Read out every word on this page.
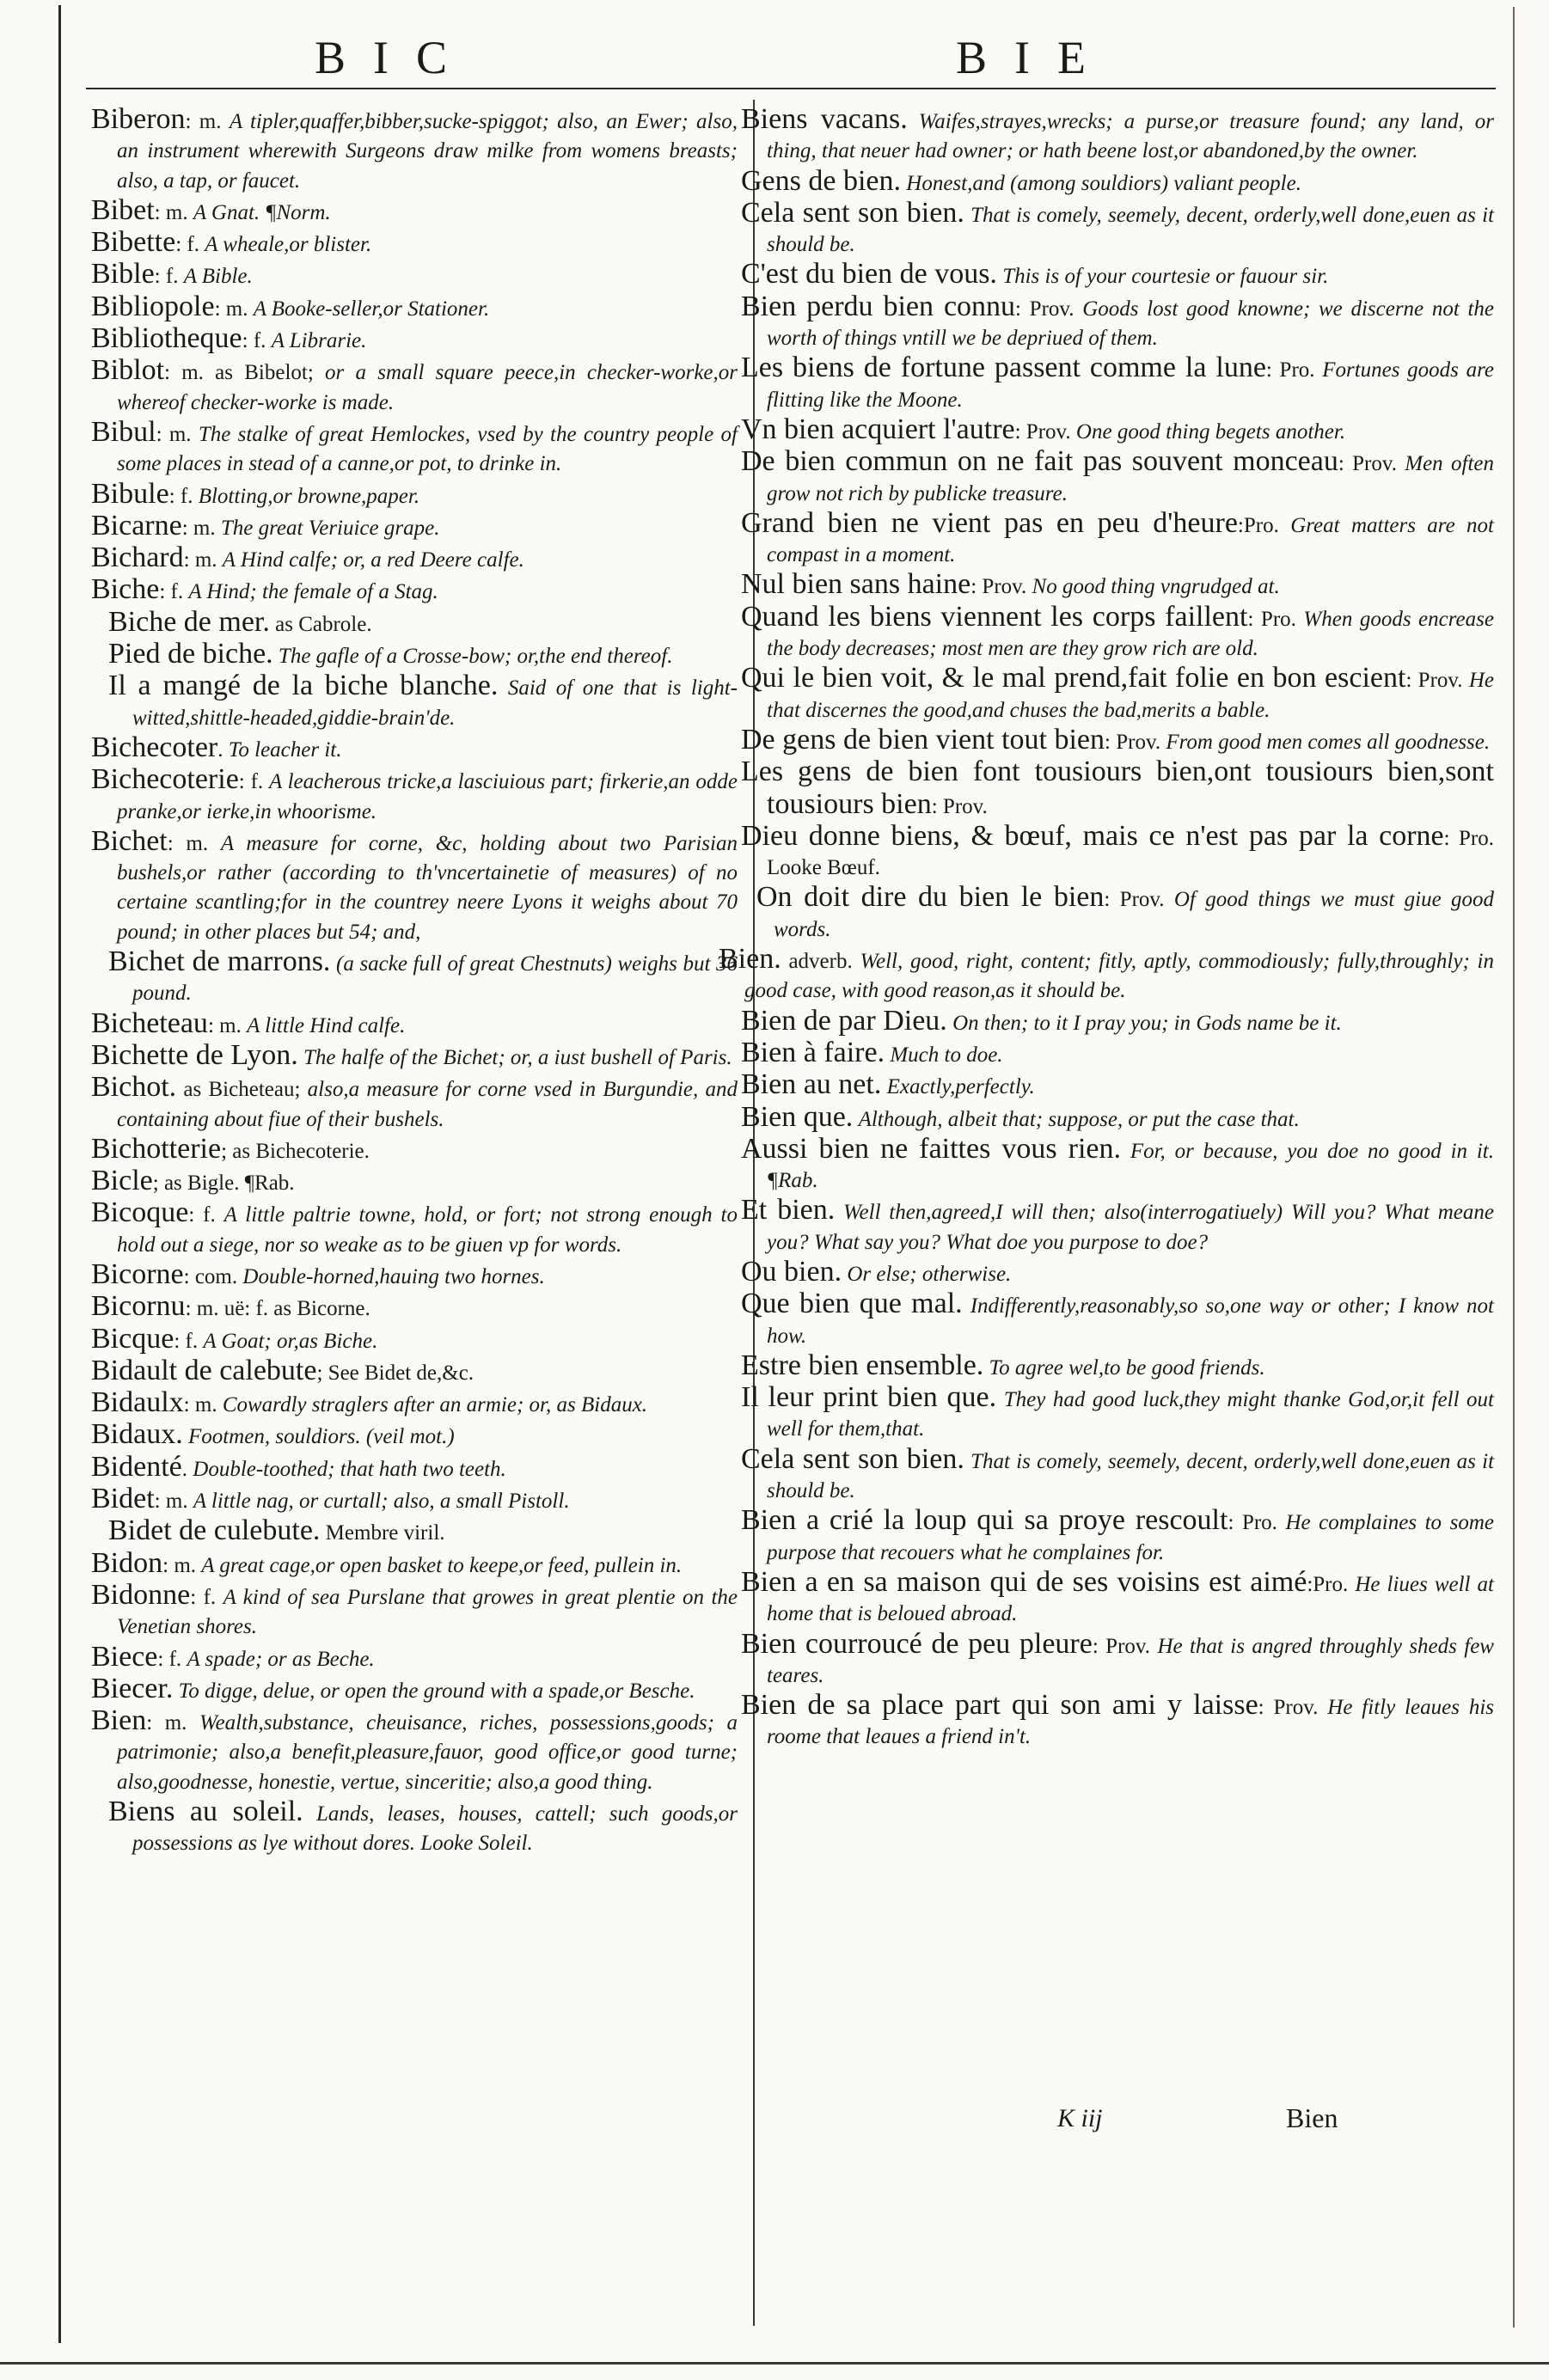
BIC	BIE
Biberon: m. A tipler,quaffer,bibber,sucke-spiggot; also, an Ewer; also, an instrument wherewith Surgeons draw milke from womens breasts; also, a tap, or faucet.
Bibet: m. A Gnat. ¶Norm.
Bibette: f. A wheale,or blister.
Bible: f. A Bible.
Bibliopole: m. A Booke-seller,or Stationer.
Bibliotheque: f. A Librarie.
Biblot: m. as Bibelot; or a small square peece,in checker-worke,or whereof checker-worke is made.
Bibul: m. The stalke of great Hemlockes, vsed by the country people of some places in stead of a canne,or pot, to drinke in.
Bibule: f. Blotting,or browne,paper.
Bicarne: m. The great Veriuice grape.
Bichard: m. A Hind calfe; or, a red Deere calfe.
Biche: f. A Hind; the female of a Stag.
Biche de mer. as Cabrole.
Pied de biche. The gafle of a Crosse-bow; or,the end thereof.
Il a mangé de la biche blanche. Said of one that is light-witted,shittle-headed,giddie-brain'de.
Bichecoter. To leacher it.
Bichecoterie: f. A leacherous tricke,a lasciuious part; firkerie,an odde pranke,or ierke,in whoorisme.
Bichet: m. A measure for corne, &c, holding about two Parisian bushels,or rather (according to th'vncertainetie of measures) of no certaine scantling;for in the countrey neere Lyons it weighs about 70 pound; in other places but 54; and,
Bichet de marrons. (a sacke full of great Chestnuts) weighs but 36 pound.
Bicheteau: m. A little Hind calfe.
Bichette de Lyon. The halfe of the Bichet; or, a iust bushell of Paris.
Bichot. as Bicheteau; also,a measure for corne vsed in Burgundie, and containing about fiue of their bushels.
Bichotterie; as Bichecoterie.
Bicle; as Bigle. ¶Rab.
Bicoque: f. A little paltrie towne, hold, or fort; not strong enough to hold out a siege, nor so weake as to be giuen vp for words.
Bicorne: com. Double-horned,hauing two hornes.
Bicornu: m. uë: f. as Bicorne.
Bicque: f. A Goat; or,as Biche.
Bidault de calebute; See Bidet de,&c.
Bidaulx: m. Cowardly straglers after an armie; or, as Bidaux.
Bidaux. Footmen, souldiors. (veil mot.)
Bidenté. Double-toothed; that hath two teeth.
Bidet: m. A little nag, or curtall; also, a small Pistoll.
Bidet de culebute. Membre viril.
Bidon: m. A great cage,or open basket to keepe,or feed, pullein in.
Bidonne: f. A kind of sea Purslane that growes in great plentie on the Venetian shores.
Biece: f. A spade; or as Beche.
Biecer. To digge, delue, or open the ground with a spade,or Besche.
Bien: m. Wealth,substance, cheuisance, riches, possessions,goods; a patrimonie; also,a benefit,pleasure,fauor, good office,or good turne; also,goodnesse, honestie, vertue, sinceritie; also,a good thing.
Biens au soleil. Lands, leases, houses, cattell; such goods,or possessions as lye without dores. Looke Soleil.
Biens vacans. Waifes,strayes,wrecks; a purse,or treasure found; any land, or thing, that neuer had owner; or hath beene lost,or abandoned,by the owner.
Gens de bien. Honest,and (among souldiors) valiant people.
Cela sent son bien. That is comely, seemely, decent, orderly,well done,euen as it should be.
C'est du bien de vous. This is of your courtesie or fauour sir.
Bien perdu bien connu: Prov. Goods lost good knowne; we discerne not the worth of things vntill we be depriued of them.
Les biens de fortune passent comme la lune: Pro. Fortunes goods are flitting like the Moone.
Vn bien acquiert l'autre: Prov. One good thing begets another.
De bien commun on ne fait pas souvent monceau: Prov. Men often grow not rich by publicke treasure.
Grand bien ne vient pas en peu d'heure:Pro. Great matters are not compast in a moment.
Nul bien sans haine: Prov. No good thing vngrudged at.
Quand les biens viennent les corps faillent: Pro. When goods encrease the body decreases; most men are they grow rich are old.
Qui le bien voit, & le mal prend,fait folie en bon escient: Prov. He that discernes the good,and chuses the bad,merits a bable.
De gens de bien vient tout bien: Prov. From good men comes all goodnesse.
Les gens de bien font tousiours bien,ont tousiours bien,sont tousiours bien: Prov.
Dieu donne biens, & bœuf, mais ce n'est pas par la corne: Pro. Looke Bœuf.
On doit dire du bien le bien: Prov. Of good things we must giue good words.
Bien. adverb. Well, good, right, content; fitly, aptly, commodiously; fully,throughly; in good case, with good reason,as it should be.
Bien de par Dieu. On then; to it I pray you; in Gods name be it.
Bien à faire. Much to doe.
Bien au net. Exactly,perfectly.
Bien que. Although, albeit that; suppose, or put the case that.
Aussi bien ne faittes vous rien. For, or because, you doe no good in it. ¶Rab.
Et bien. Well then,agreed,I will then; also(interrogatiuely) Will you? What meane you? What say you? What doe you purpose to doe?
Ou bien. Or else; otherwise.
Que bien que mal. Indifferently,reasonably,so so,one way or other; I know not how.
Estre bien ensemble. To agree wel,to be good friends.
Il leur print bien que. They had good luck,they might thanke God,or,it fell out well for them,that.
Cela sent son bien. That is comely, seemely, decent, orderly,well done,euen as it should be.
Bien a crié la loup qui sa proye rescoult: Pro. He complaines to some purpose that recouers what he complaines for.
Bien a en sa maison qui de ses voisins est aimé:Pro. He liues well at home that is beloued abroad.
Bien courroucé de peu pleure: Prov. He that is angred throughly sheds few teares.
Bien de sa place part qui son ami y laisse: Prov. He fitly leaues his roome that leaues a friend in't.
K iij	Bien
